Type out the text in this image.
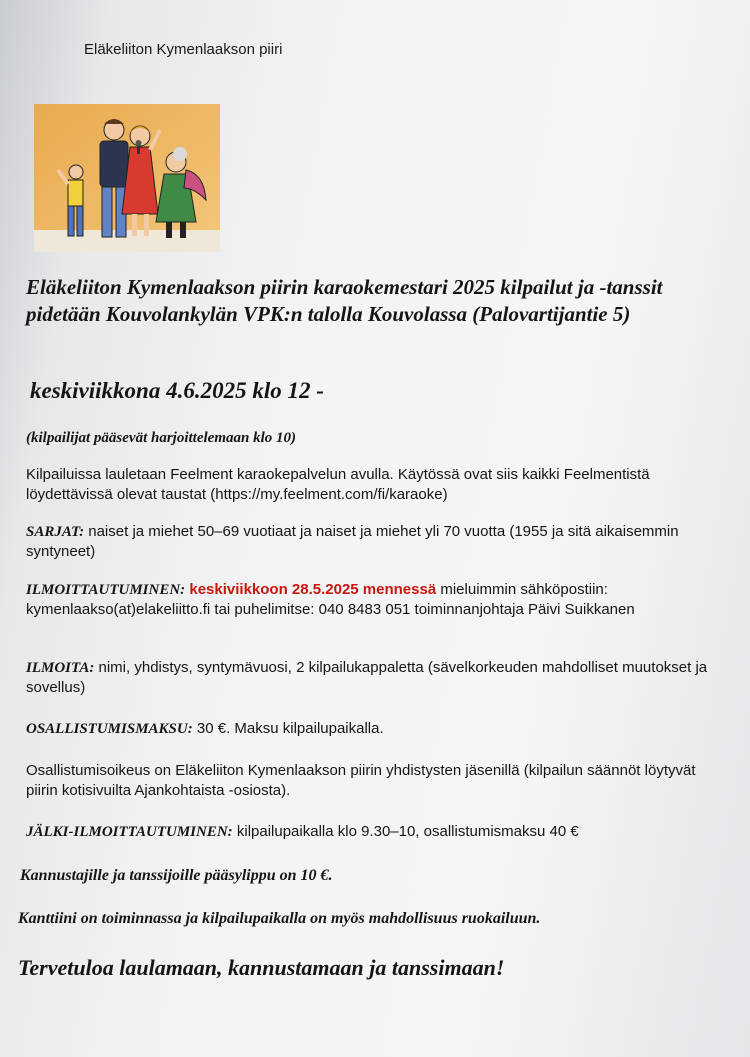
Eläkeliiton Kymenlaakson piiri

Eläkeliiton Kymenlaakson piirin karaokemestari 2025 kilpailut ja -tanssit pidetään Kouvolankylän VPK:n talolla Kouvolassa (Palovartijantie 5)

keskiviikkona 4.6.2025 klo 12 -

(kilpailijat pääsevät harjoittelemaan klo 10)

Kilpailuissa lauletaan Feelment karaokepalvelun avulla. Käytössä ovat siis kaikki Feelmentistä löydettävissä olevat taustat (https://my.feelment.com/fi/karaoke)

SARJAT: naiset ja miehet 50–69 vuotiaat ja naiset ja miehet yli 70 vuotta (1955 ja sitä aikaisemmin syntyneet)

ILMOITTAUTUMINEN: keskiviikkoon 28.5.2025 mennessä mieluimmin sähköpostiin: kymenlaakso(at)elakeliitto.fi tai puhelimitse: 040 8483 051 toiminnanjohtaja Päivi Suikkanen

ILMOITA: nimi, yhdistys, syntymävuosi, 2 kilpailukappaletta (sävelkorkeuden mahdolliset muutokset ja sovellus)

OSALLISTUMISMAKSU: 30 €. Maksu kilpailupaikalla.

Osallistumisoikeus on Eläkeliiton Kymenlaakson piirin yhdistysten jäsenillä (kilpailun säännöt löytyvät piirin kotisivuilta Ajankohtaista -osiosta).

JÄLKI-ILMOITTAUTUMINEN: kilpailupaikalla klo 9.30–10, osallistumismaksu 40 €

Kannustajille ja tanssijoille pääsylippu on 10 €.

Kanttiini on toiminnassa ja kilpailupaikalla on myös mahdollisuus ruokailuun.

Tervetuloa laulamaan, kannustamaan ja tanssimaan!
